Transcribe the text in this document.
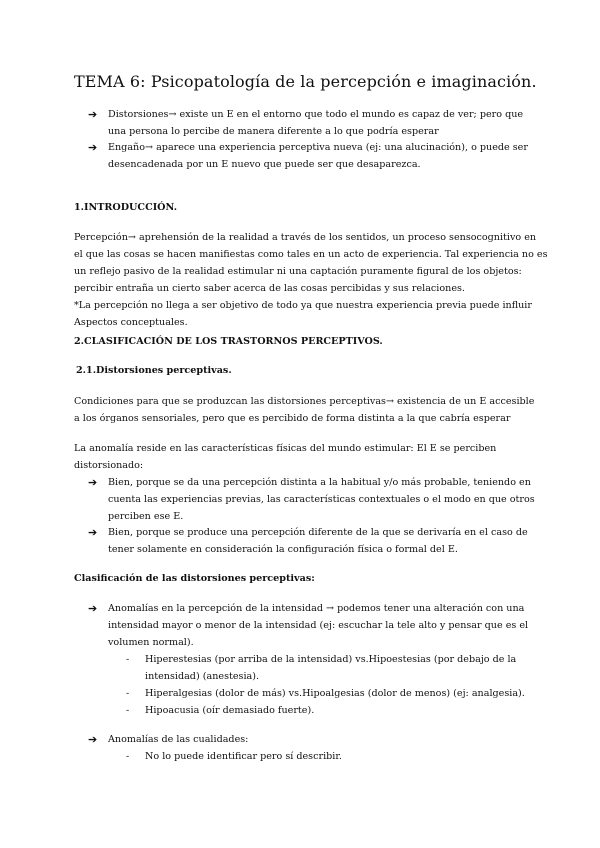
TEMA 6: Psicopatología de la percepción e imaginación.
➔ Distorsiones→ existe un E en el entorno que todo el mundo es capaz de ver; pero que
una persona lo percibe de manera diferente a lo que podría esperar
➔ Engaño→ aparece una experiencia perceptiva nueva (ej: una alucinación), o puede ser
desencadenada por un E nuevo que puede ser que desaparezca.
1.INTRODUCCIÓN.
Percepción→ aprehensión de la realidad a través de los sentidos, un proceso sensocognitivo en
el que las cosas se hacen manifiestas como tales en un acto de experiencia. Tal experiencia no es
un reflejo pasivo de la realidad estimular ni una captación puramente figural de los objetos:
percibir entraña un cierto saber acerca de las cosas percibidas y sus relaciones.
*La percepción no llega a ser objetivo de todo ya que nuestra experiencia previa puede influir
Aspectos conceptuales.
2.CLASIFICACIÓN DE LOS TRASTORNOS PERCEPTIVOS.
2.1.Distorsiones perceptivas.
Condiciones para que se produzcan las distorsiones perceptivas→ existencia de un E accesible
a los órganos sensoriales, pero que es percibido de forma distinta a la que cabría esperar
La anomalía reside en las características físicas del mundo estimular: El E se perciben
distorsionado:
➔ Bien, porque se da una percepción distinta a la habitual y/o más probable, teniendo en
cuenta las experiencias previas, las características contextuales o el modo en que otros
perciben ese E.
➔ Bien, porque se produce una percepción diferente de la que se derivaría en el caso de
tener solamente en consideración la configuración física o formal del E.
Clasificación de las distorsiones perceptivas:
➔ Anomalías en la percepción de la intensidad → podemos tener una alteración con una
intensidad mayor o menor de la intensidad (ej: escuchar la tele alto y pensar que es el
volumen normal).
- Hiperestesias (por arriba de la intensidad) vs.Hipoestesias (por debajo de la
intensidad) (anestesia).
- Hiperalgesias (dolor de más) vs.Hipoalgesias (dolor de menos) (ej: analgesia).
- Hipoacusia (oír demasiado fuerte).
➔ Anomalías de las cualidades:
- No lo puede identificar pero sí describir.
